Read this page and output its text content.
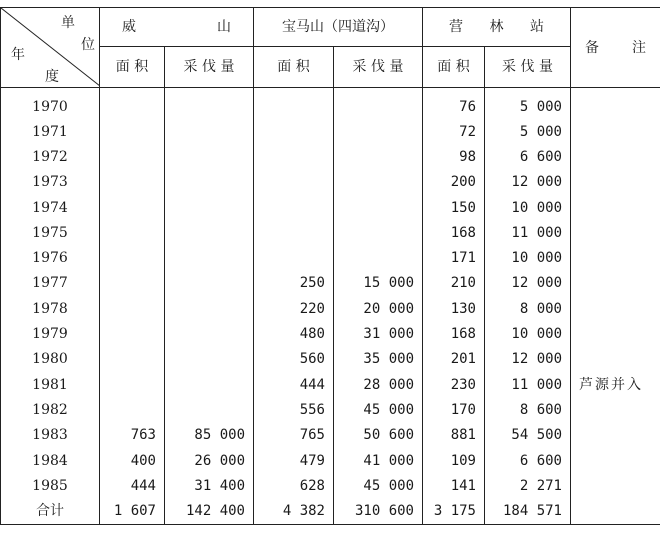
单
位
年
度	威 山		宝马山（四道沟）		营 林 站		备 注

	面 积	采 伐 量	面 积	采 伐 量	面 积	采 伐 量	
1970					76	5 000	
1971					72	5 000	
1972					98	6 600	
1973					200	12 000	
1974					150	10 000	
1975					168	11 000	
1976					171	10 000	
1977			250	15 000	210	12 000	
1978			220	20 000	130	8 000	
1979			480	31 000	168	10 000	
1980			560	35 000	201	12 000	
1981			444	28 000	230	11 000	芦源并入
1982			556	45 000	170	8 600	
1983	763	85 000	765	50 600	881	54 500	
1984	400	26 000	479	41 000	109	6 600	
1985	444	31 400	628	45 000	141	2 271	
合计	1 607	142 400	4 382	310 600	3 175	184 571	
